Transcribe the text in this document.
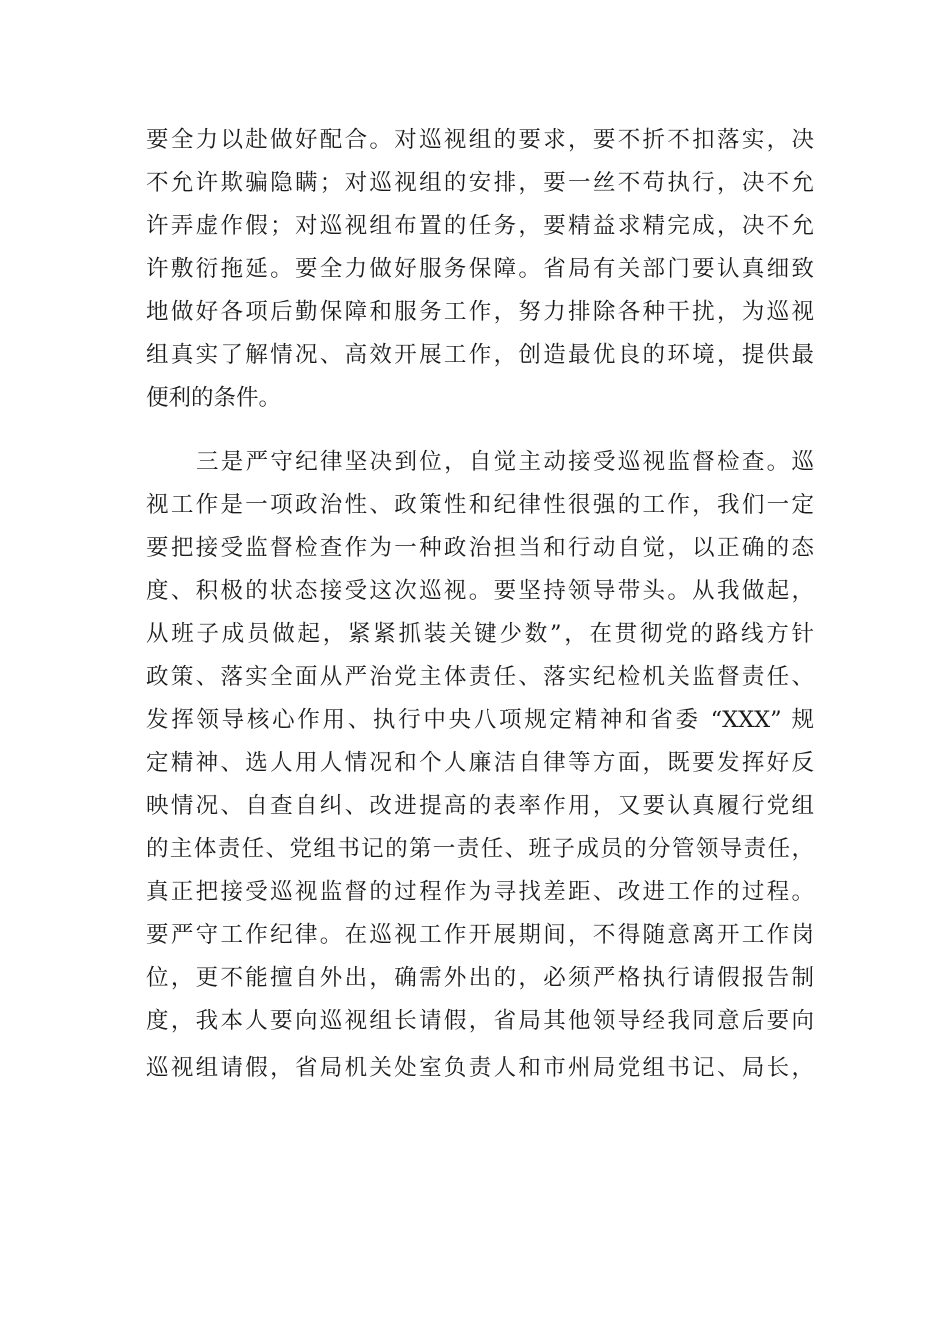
要全力以赴做好配合。对巡视组的要求，要不折不扣落实，决
不允许欺骗隐瞒；对巡视组的安排，要一丝不苟执行，决不允
许弄虚作假；对巡视组布置的任务，要精益求精完成，决不允
许敷衍拖延。要全力做好服务保障。省局有关部门要认真细致
地做好各项后勤保障和服务工作，努力排除各种干扰，为巡视
组真实了解情况、高效开展工作，创造最优良的环境，提供最
便利的条件。
三是严守纪律坚决到位，自觉主动接受巡视监督检查。巡
视工作是一项政治性、政策性和纪律性很强的工作，我们一定
要把接受监督检查作为一种政治担当和行动自觉，以正确的态
度、积极的状态接受这次巡视。要坚持领导带头。从我做起，
从班子成员做起，紧紧抓装关键少数”，在贯彻党的路线方针
政策、落实全面从严治党主体责任、落实纪检机关监督责任、
发挥领导核心作用、执行中央八项规定精神和省委 “XXX” 规
定精神、选人用人情况和个人廉洁自律等方面，既要发挥好反
映情况、自查自纠、改进提高的表率作用，又要认真履行党组
的主体责任、党组书记的第一责任、班子成员的分管领导责任，
真正把接受巡视监督的过程作为寻找差距、改进工作的过程。
要严守工作纪律。在巡视工作开展期间，不得随意离开工作岗
位，更不能擅自外出，确需外出的，必须严格执行请假报告制
度，我本人要向巡视组长请假，省局其他领导经我同意后要向
巡视组请假，省局机关处室负责人和市州局党组书记、局长，
